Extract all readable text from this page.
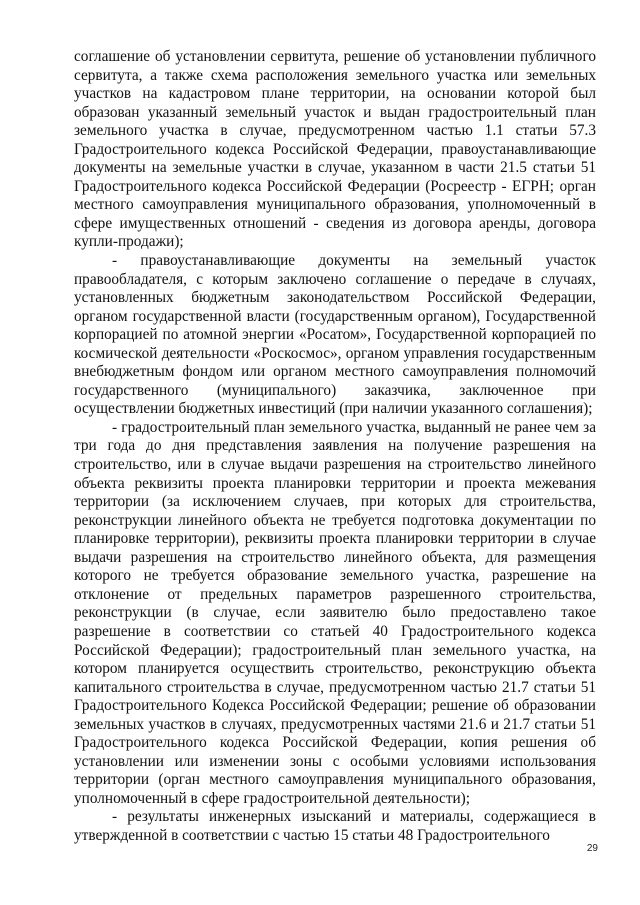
соглашение об установлении сервитута, решение об установлении публичного сервитута, а также схема расположения земельного участка или земельных участков на кадастровом плане территории, на основании которой был образован указанный земельный участок и выдан градостроительный план земельного участка в случае, предусмотренном частью 1.1 статьи 57.3 Градостроительного кодекса Российской Федерации, правоустанавливающие документы на земельные участки в случае, указанном в части 21.5 статьи 51 Градостроительного кодекса Российской Федерации (Росреестр - ЕГРН; орган местного самоуправления муниципального образования, уполномоченный в сфере имущественных отношений - сведения из договора аренды, договора купли-продажи);

- правоустанавливающие документы на земельный участок правообладателя, с которым заключено соглашение о передаче в случаях, установленных бюджетным законодательством Российской Федерации, органом государственной власти (государственным органом), Государственной корпорацией по атомной энергии «Росатом», Государственной корпорацией по космической деятельности «Роскосмос», органом управления государственным внебюджетным фондом или органом местного самоуправления полномочий государственного (муниципального) заказчика, заключенное при осуществлении бюджетных инвестиций (при наличии указанного соглашения);

- градостроительный план земельного участка, выданный не ранее чем за три года до дня представления заявления на получение разрешения на строительство, или в случае выдачи разрешения на строительство линейного объекта реквизиты проекта планировки территории и проекта межевания территории (за исключением случаев, при которых для строительства, реконструкции линейного объекта не требуется подготовка документации по планировке территории), реквизиты проекта планировки территории в случае выдачи разрешения на строительство линейного объекта, для размещения которого не требуется образование земельного участка, разрешение на отклонение от предельных параметров разрешенного строительства, реконструкции (в случае, если заявителю было предоставлено такое разрешение в соответствии со статьей 40 Градостроительного кодекса Российской Федерации); градостроительный план земельного участка, на котором планируется осуществить строительство, реконструкцию объекта капитального строительства в случае, предусмотренном частью 21.7 статьи 51 Градостроительного Кодекса Российской Федерации; решение об образовании земельных участков в случаях, предусмотренных частями 21.6 и 21.7 статьи 51 Градостроительного кодекса Российской Федерации, копия решения об установлении или изменении зоны с особыми условиями использования территории (орган местного самоуправления муниципального образования, уполномоченный в сфере градостроительной деятельности);

- результаты инженерных изысканий и материалы, содержащиеся в утвержденной в соответствии с частью 15 статьи 48 Градостроительного

29
